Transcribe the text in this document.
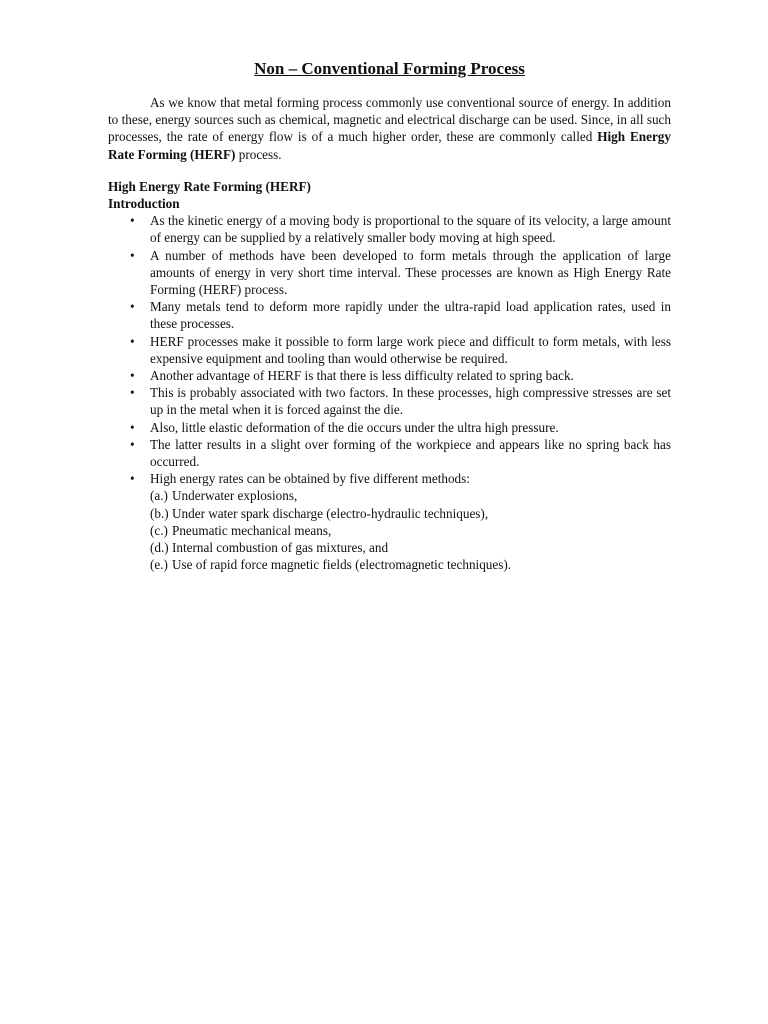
Non – Conventional Forming Process

As we know that metal forming process commonly use conventional source of energy. In addition to these, energy sources such as chemical, magnetic and electrical discharge can be used. Since, in all such processes, the rate of energy flow is of a much higher order, these are commonly called High Energy Rate Forming (HERF) process.

High Energy Rate Forming (HERF)
Introduction
• As the kinetic energy of a moving body is proportional to the square of its velocity, a large amount of energy can be supplied by a relatively smaller body moving at high speed.
• A number of methods have been developed to form metals through the application of large amounts of energy in very short time interval. These processes are known as High Energy Rate Forming (HERF) process.
• Many metals tend to deform more rapidly under the ultra-rapid load application rates, used in these processes.
• HERF processes make it possible to form large work piece and difficult to form metals, with less expensive equipment and tooling than would otherwise be required.
• Another advantage of HERF is that there is less difficulty related to spring back.
• This is probably associated with two factors. In these processes, high compressive stresses are set up in the metal when it is forced against the die.
• Also, little elastic deformation of the die occurs under the ultra high pressure.
• The latter results in a slight over forming of the workpiece and appears like no spring back has occurred.
• High energy rates can be obtained by five different methods:
(a.) Underwater explosions,
(b.) Under water spark discharge (electro-hydraulic techniques),
(c.) Pneumatic mechanical means,
(d.) Internal combustion of gas mixtures, and
(e.) Use of rapid force magnetic fields (electromagnetic techniques).
